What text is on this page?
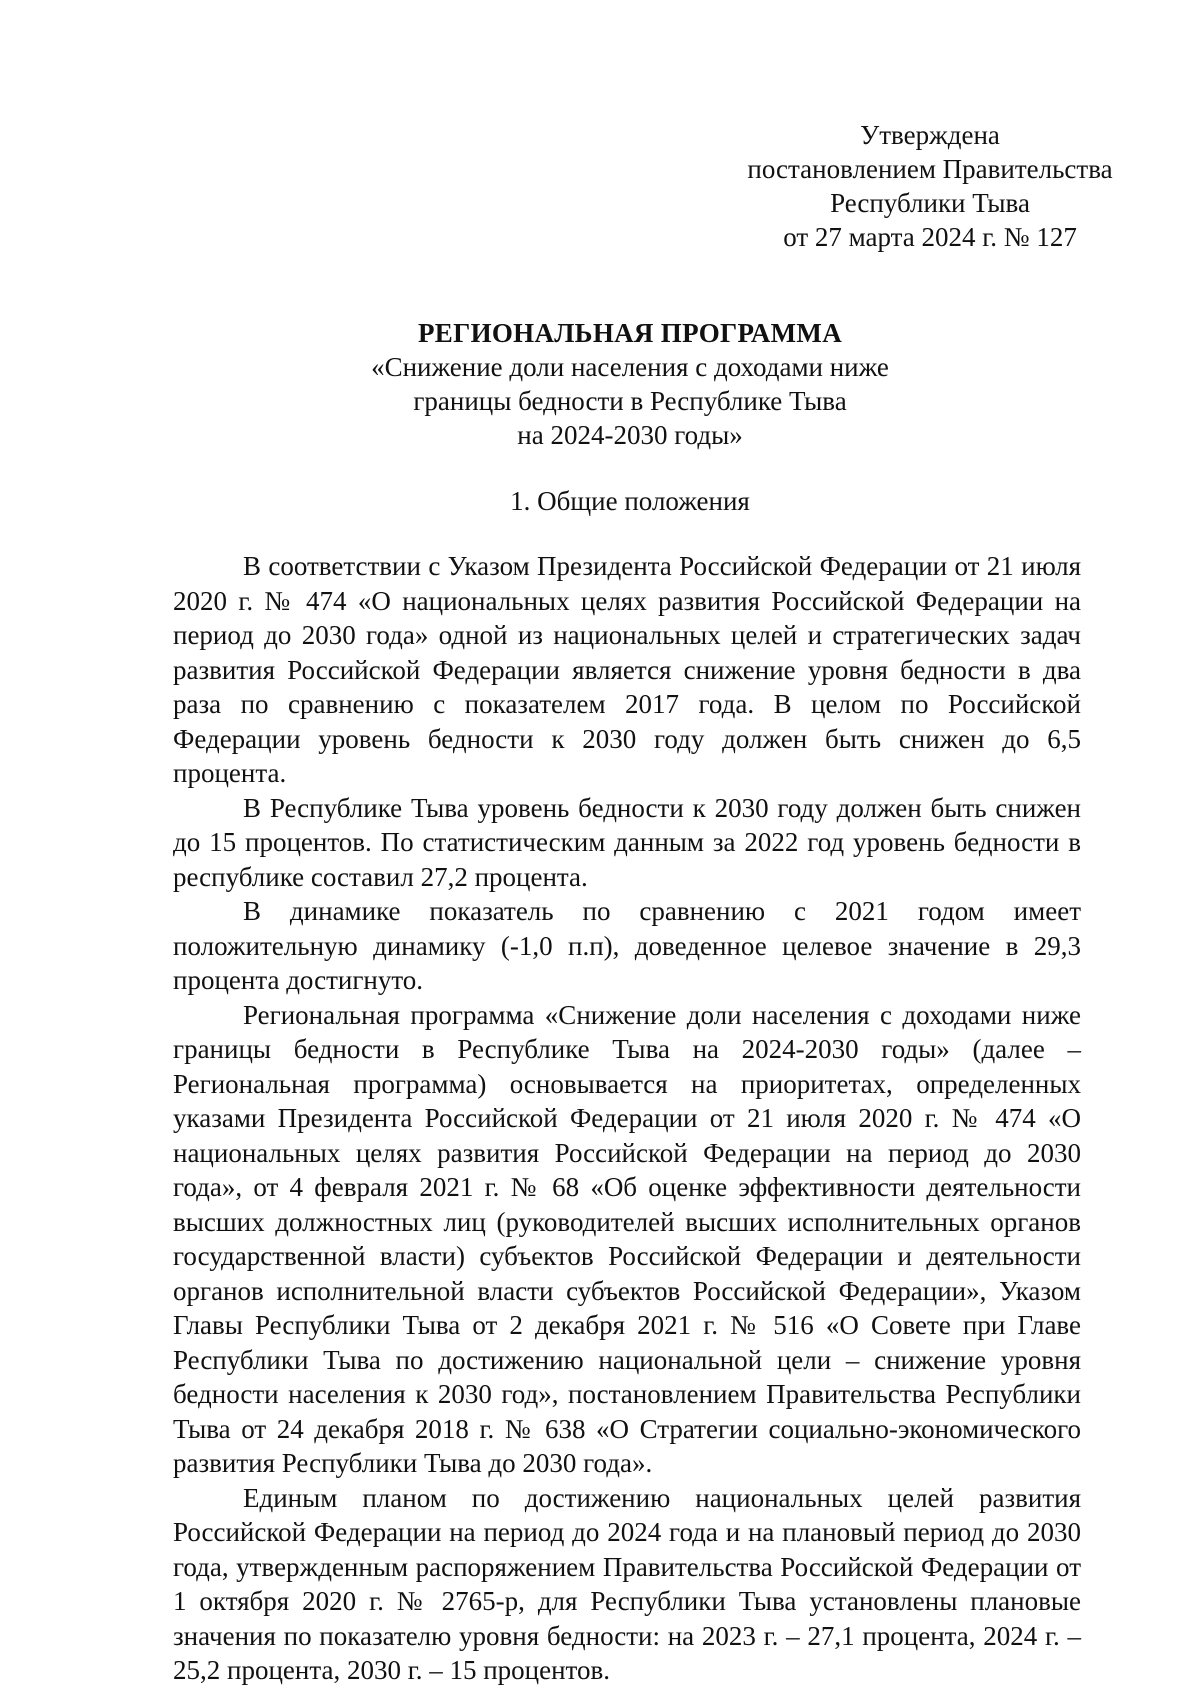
Утверждена
постановлением Правительства
Республики Тыва
от 27 марта 2024 г. № 127
РЕГИОНАЛЬНАЯ ПРОГРАММА
«Снижение доли населения с доходами ниже
границы бедности в Республике Тыва
на 2024-2030 годы»
1. Общие положения

В соответствии с Указом Президента Российской Федерации от 21 июля 2020 г. № 474 «О национальных целях развития Российской Федерации на период до 2030 года» одной из национальных целей и стратегических задач развития Российской Федерации является снижение уровня бедности в два раза по сравнению с показателем 2017 года. В целом по Российской Федерации уровень бедности к 2030 году должен быть снижен до 6,5 процента.

В Республике Тыва уровень бедности к 2030 году должен быть снижен до 15 процентов. По статистическим данным за 2022 год уровень бедности в республике составил 27,2 процента.

В динамике показатель по сравнению с 2021 годом имеет положительную динамику (-1,0 п.п), доведенное целевое значение в 29,3 процента достигнуто.

Региональная программа «Снижение доли населения с доходами ниже границы бедности в Республике Тыва на 2024-2030 годы» (далее – Региональная программа) основывается на приоритетах, определенных указами Президента Российской Федерации от 21 июля 2020 г. № 474 «О национальных целях развития Российской Федерации на период до 2030 года», от 4 февраля 2021 г. № 68 «Об оценке эффективности деятельности высших должностных лиц (руководителей высших исполнительных органов государственной власти) субъектов Российской Федерации и деятельности органов исполнительной власти субъектов Российской Федерации», Указом Главы Республики Тыва от 2 декабря 2021 г. № 516 «О Совете при Главе Республики Тыва по достижению национальной цели – снижение уровня бедности населения к 2030 год», постановлением Правительства Республики Тыва от 24 декабря 2018 г. № 638 «О Стратегии социально-экономического развития Республики Тыва до 2030 года».

Единым планом по достижению национальных целей развития Российской Федерации на период до 2024 года и на плановый период до 2030 года, утвержденным распоряжением Правительства Российской Федерации от 1 октября 2020 г. № 2765-р, для Республики Тыва установлены плановые значения по показателю уровня бедности: на 2023 г. – 27,1 процента, 2024 г. – 25,2 процента, 2030 г. – 15 процентов.
